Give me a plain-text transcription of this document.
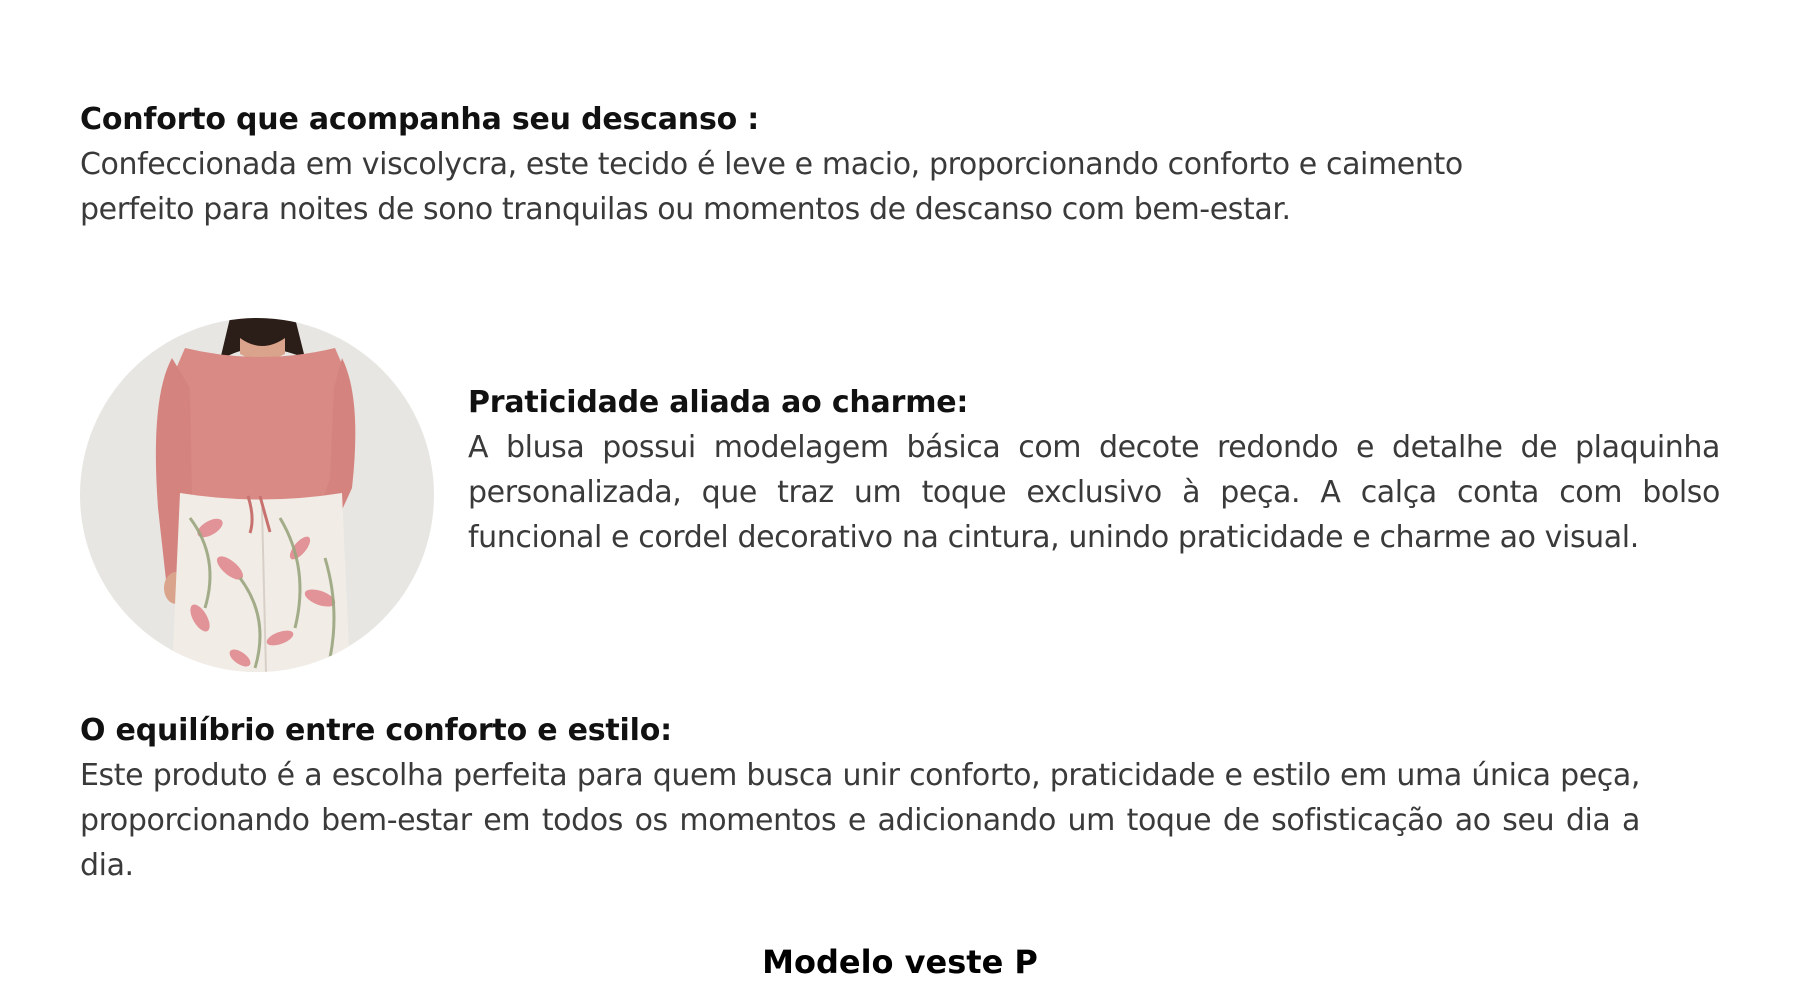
Conforto que acompanha seu descanso :

Confeccionada em viscolycra, este tecido é leve e macio, proporcionando conforto e caimento perfeito para noites de sono tranquilas ou momentos de descanso com bem-estar.

Praticidade aliada ao charme:

A blusa possui modelagem básica com decote redondo e detalhe de plaquinha personalizada, que traz um toque exclusivo à peça. A calça conta com bolso funcional e cordel decorativo na cintura, unindo praticidade e charme ao visual.

O equilíbrio entre conforto e estilo:

Este produto é a escolha perfeita para quem busca unir conforto, praticidade e estilo em uma única peça, proporcionando bem-estar em todos os momentos e adicionando um toque de sofisticação ao seu dia a dia.

Modelo veste P
